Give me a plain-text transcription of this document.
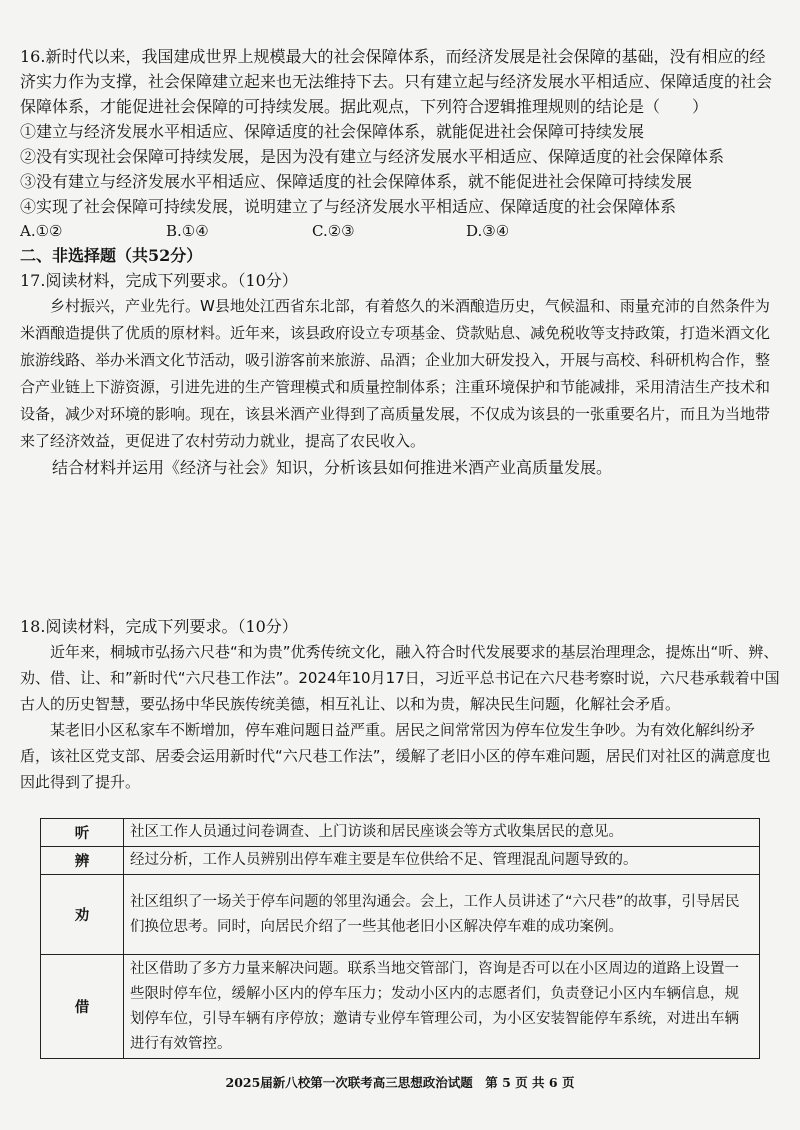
16.新时代以来，我国建成世界上规模最大的社会保障体系，而经济发展是社会保障的基础，没有相应的经济实力作为支撑，社会保障建立起来也无法维持下去。只有建立起与经济发展水平相适应、保障适度的社会保障体系，才能促进社会保障的可持续发展。据此观点，下列符合逻辑推理规则的结论是（　　）

①建立与经济发展水平相适应、保障适度的社会保障体系，就能促进社会保障可持续发展
②没有实现社会保障可持续发展，是因为没有建立与经济发展水平相适应、保障适度的社会保障体系
③没有建立与经济发展水平相适应、保障适度的社会保障体系，就不能促进社会保障可持续发展
④实现了社会保障可持续发展，说明建立了与经济发展水平相适应、保障适度的社会保障体系
A.①②	B.①④	C.②③	D.③④
二、非选择题（共52分）
17.阅读材料，完成下列要求。（10分）

乡村振兴，产业先行。W县地处江西省东北部，有着悠久的米酒酿造历史，气候温和、雨量充沛的自然条件为米酒酿造提供了优质的原材料。近年来，该县政府设立专项基金、贷款贴息、减免税收等支持政策，打造米酒文化旅游线路、举办米酒文化节活动，吸引游客前来旅游、品酒；企业加大研发投入，开展与高校、科研机构合作，整合产业链上下游资源，引进先进的生产管理模式和质量控制体系；注重环境保护和节能减排，采用清洁生产技术和设备，减少对环境的影响。现在，该县米酒产业得到了高质量发展，不仅成为该县的一张重要名片，而且为当地带来了经济效益，更促进了农村劳动力就业，提高了农民收入。

结合材料并运用《经济与社会》知识，分析该县如何推进米酒产业高质量发展。

18.阅读材料，完成下列要求。（10分）

近年来，桐城市弘扬六尺巷“和为贵”优秀传统文化，融入符合时代发展要求的基层治理理念，提炼出“听、辨、劝、借、让、和”新时代“六尺巷工作法”。2024年10月17日，习近平总书记在六尺巷考察时说，六尺巷承载着中国古人的历史智慧，要弘扬中华民族传统美德，相互礼让、以和为贵，解决民生问题，化解社会矛盾。

某老旧小区私家车不断增加，停车难问题日益严重。居民之间常常因为停车位发生争吵。为有效化解纠纷矛盾，该社区党支部、居委会运用新时代“六尺巷工作法”，缓解了老旧小区的停车难问题，居民们对社区的满意度也因此得到了提升。

听	社区工作人员通过问卷调查、上门访谈和居民座谈会等方式收集居民的意见。
辨	经过分析，工作人员辨别出停车难主要是车位供给不足、管理混乱问题导致的。
劝	社区组织了一场关于停车问题的邻里沟通会。会上，工作人员讲述了“六尺巷”的故事，引导居民们换位思考。同时，向居民介绍了一些其他老旧小区解决停车难的成功案例。
借	社区借助了多方力量来解决问题。联系当地交管部门，咨询是否可以在小区周边的道路上设置一些限时停车位，缓解小区内的停车压力；发动小区内的志愿者们，负责登记小区内车辆信息，规划停车位，引导车辆有序停放；邀请专业停车管理公司，为小区安装智能停车系统，对进出车辆进行有效管控。
2025届新八校第一次联考高三思想政治试题　第 5 页 共 6 页
